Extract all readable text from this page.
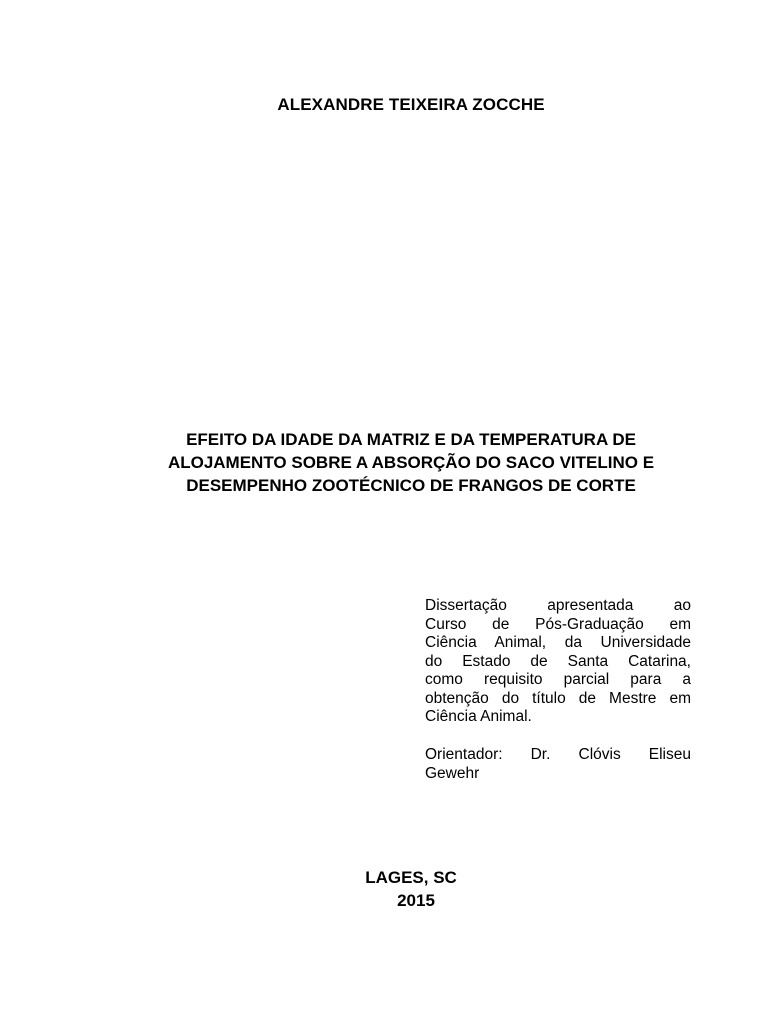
ALEXANDRE TEIXEIRA ZOCCHE
EFEITO DA IDADE DA MATRIZ E DA TEMPERATURA DE
ALOJAMENTO SOBRE A ABSORÇÃO DO SACO VITELINO E
DESEMPENHO ZOOTÉCNICO DE FRANGOS DE CORTE
Dissertação apresentada ao
Curso de Pós-Graduação em
Ciência Animal, da Universidade
do Estado de Santa Catarina,
como requisito parcial para a
obtenção do título de Mestre em
Ciência Animal.
Orientador: Dr. Clóvis Eliseu
Gewehr
LAGES, SC
2015
